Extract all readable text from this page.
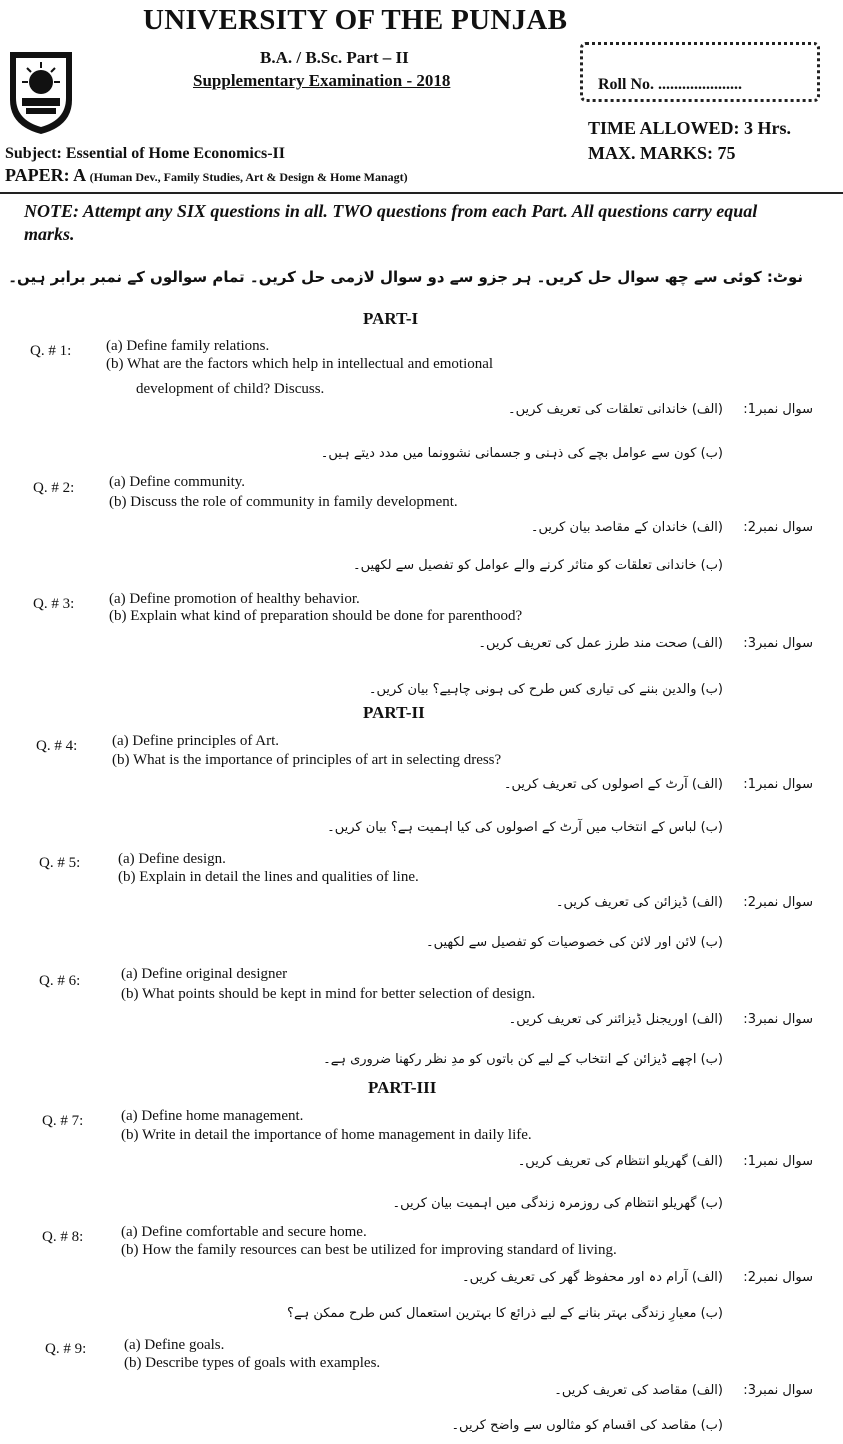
UNIVERSITY OF THE PUNJAB
B.A. / B.Sc. Part – II
Supplementary Examination - 2018	Roll No. .....................
TIME ALLOWED: 3 Hrs.
MAX. MARKS: 75
Subject: Essential of Home Economics-II
PAPER: A (Human Dev., Family Studies, Art & Design & Home Managt)
NOTE: Attempt any SIX questions in all. TWO questions from each Part. All questions carry equal marks.
نوٹ: کوئی سے چھ سوال حل کریں۔ ہر جزو سے دو سوال لازمی حل کریں۔ تمام سوالوں کے نمبر برابر ہیں۔
PART-I
PART-II
PART-III
Q. # 1: (a) Define family relations.
(b) What are the factors which help in intellectual and emotional
development of child? Discuss.
سوال نمبر1:
(الف) خاندانی تعلقات کی تعریف کریں۔
(ب) کون سے عوامل بچے کی ذہنی و جسمانی نشوونما میں مدد دیتے ہیں۔
Q. # 2: (a) Define community.
(b) Discuss the role of community in family development.
سوال نمبر2:
(الف) خاندان کے مقاصد بیان کریں۔
(ب) خاندانی تعلقات کو متاثر کرنے والے عوامل کو تفصیل سے لکھیں۔
Q. # 3: (a) Define promotion of healthy behavior.
(b) Explain what kind of preparation should be done for parenthood?
سوال نمبر3:
(الف) صحت مند طرز عمل کی تعریف کریں۔
(ب) والدین بننے کی تیاری کس طرح کی ہونی چاہیے؟ بیان کریں۔
Q. # 4: (a) Define principles of Art.
(b) What is the importance of principles of art in selecting dress?
سوال نمبر1:
(الف) آرٹ کے اصولوں کی تعریف کریں۔
(ب) لباس کے انتخاب میں آرٹ کے اصولوں کی کیا اہمیت ہے؟ بیان کریں۔
Q. # 5:	(a) Define design.
(b) Explain in detail the lines and qualities of line.
سوال نمبر2:
(الف) ڈیزائن کی تعریف کریں۔
(ب) لائن اور لائن کی خصوصیات کو تفصیل سے لکھیں۔
Q. # 6:	(a) Define original designer
(b) What points should be kept in mind for better selection of design.
سوال نمبر3:
(الف) اوریجنل ڈیزائنر کی تعریف کریں۔
(ب) اچھے ڈیزائن کے انتخاب کے لیے کن باتوں کو مدِ نظر رکھنا ضروری ہے۔
Q. # 7:	(a) Define home management.
(b) Write in detail the importance of home management in daily life.
سوال نمبر1:
(الف) گھریلو انتظام کی تعریف کریں۔
(ب) گھریلو انتظام کی روزمرہ زندگی میں اہمیت بیان کریں۔
Q. # 8:	(a) Define comfortable and secure home.
(b) How the family resources can best be utilized for improving standard of living.
سوال نمبر2:
(الف) آرام دہ اور محفوظ گھر کی تعریف کریں۔
(ب) معیارِ زندگی بہتر بنانے کے لیے ذرائع کا بہترین استعمال کس طرح ممکن ہے؟
Q. # 9:	(a) Define goals.
(b) Describe types of goals with examples.
سوال نمبر3:
(الف) مقاصد کی تعریف کریں۔
(ب) مقاصد کی اقسام کو مثالوں سے واضح کریں۔
